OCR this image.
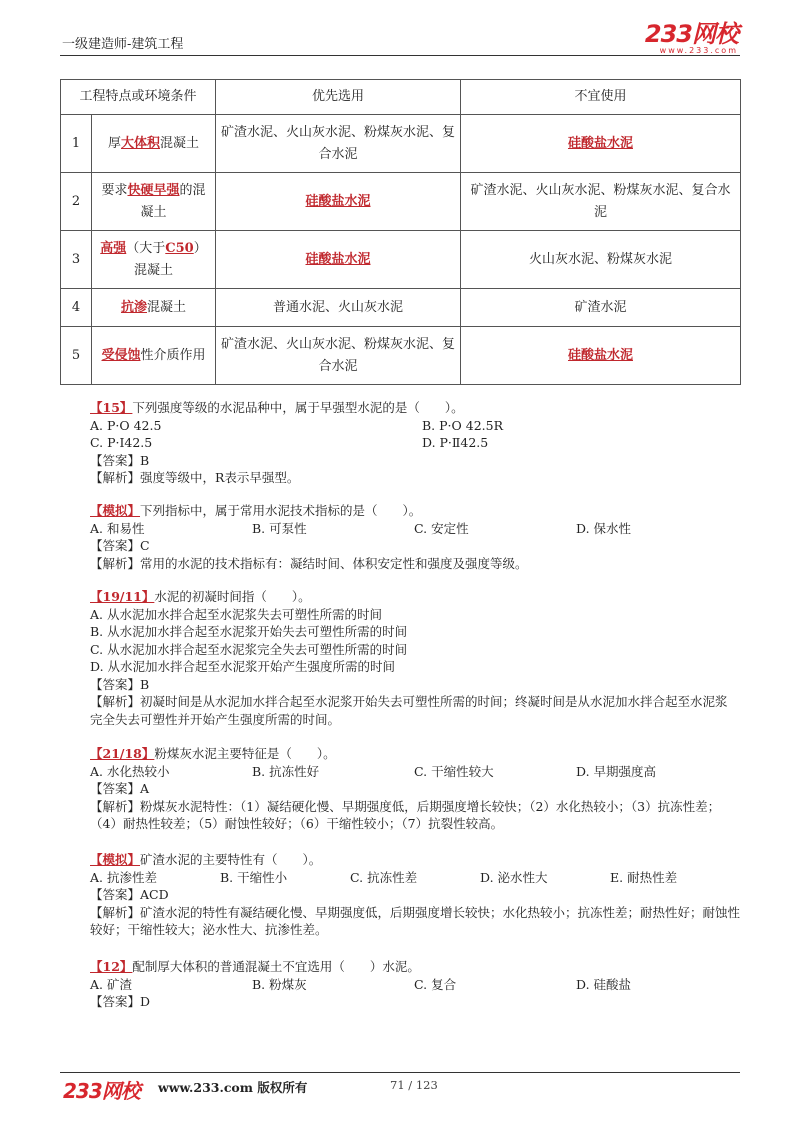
一级建造师-建筑工程	233网校
www.233.com
工程特点或环境条件		优先选用	不宜使用
1	厚大体积混凝土	矿渣水泥、火山灰水泥、粉煤灰水泥、复合水泥	硅酸盐水泥
2	要求快硬早强的混凝土	硅酸盐水泥	矿渣水泥、火山灰水泥、粉煤灰水泥、复合水泥
3	高强（大于C50）混凝土	硅酸盐水泥	火山灰水泥、粉煤灰水泥
4	抗渗混凝土	普通水泥、火山灰水泥	矿渣水泥
5	受侵蚀性介质作用	矿渣水泥、火山灰水泥、粉煤灰水泥、复合水泥	硅酸盐水泥
【15】下列强度等级的水泥品种中，属于早强型水泥的是（　　）。
A. P·O 42.5	B. P·O 42.5R
C. P·Ⅰ42.5	D. P·Ⅱ42.5
【答案】B
【解析】强度等级中，R表示早强型。
【模拟】下列指标中，属于常用水泥技术指标的是（　　）。
A. 和易性	B. 可泵性	C. 安定性	D. 保水性
【答案】C
【解析】常用的水泥的技术指标有：凝结时间、体积安定性和强度及强度等级。
【19/11】水泥的初凝时间指（　　）。
A. 从水泥加水拌合起至水泥浆失去可塑性所需的时间
B. 从水泥加水拌合起至水泥浆开始失去可塑性所需的时间
C. 从水泥加水拌合起至水泥浆完全失去可塑性所需的时间
D. 从水泥加水拌合起至水泥浆开始产生强度所需的时间
【答案】B
【解析】初凝时间是从水泥加水拌合起至水泥浆开始失去可塑性所需的时间；终凝时间是从水泥加水拌合起至水泥浆完全失去可塑性并开始产生强度所需的时间。
【21/18】粉煤灰水泥主要特征是（　　）。
A. 水化热较小	B. 抗冻性好	C. 干缩性较大	D. 早期强度高
【答案】A
【解析】粉煤灰水泥特性：（1）凝结硬化慢、早期强度低，后期强度增长较快；（2）水化热较小；（3）抗冻性差；（4）耐热性较差；（5）耐蚀性较好；（6）干缩性较小；（7）抗裂性较高。
【模拟】矿渣水泥的主要特性有（　　）。
A. 抗渗性差	B. 干缩性小	C. 抗冻性差	D. 泌水性大	E. 耐热性差
【答案】ACD
【解析】矿渣水泥的特性有凝结硬化慢、早期强度低，后期强度增长较快；水化热较小；抗冻性差；耐热性好；耐蚀性较好；干缩性较大；泌水性大、抗渗性差。
【12】配制厚大体积的普通混凝土不宜选用（　　）水泥。
A. 矿渣	B. 粉煤灰	C. 复合	D. 硅酸盐
【答案】D
233网校 www.233.com 版权所有	71 / 123
